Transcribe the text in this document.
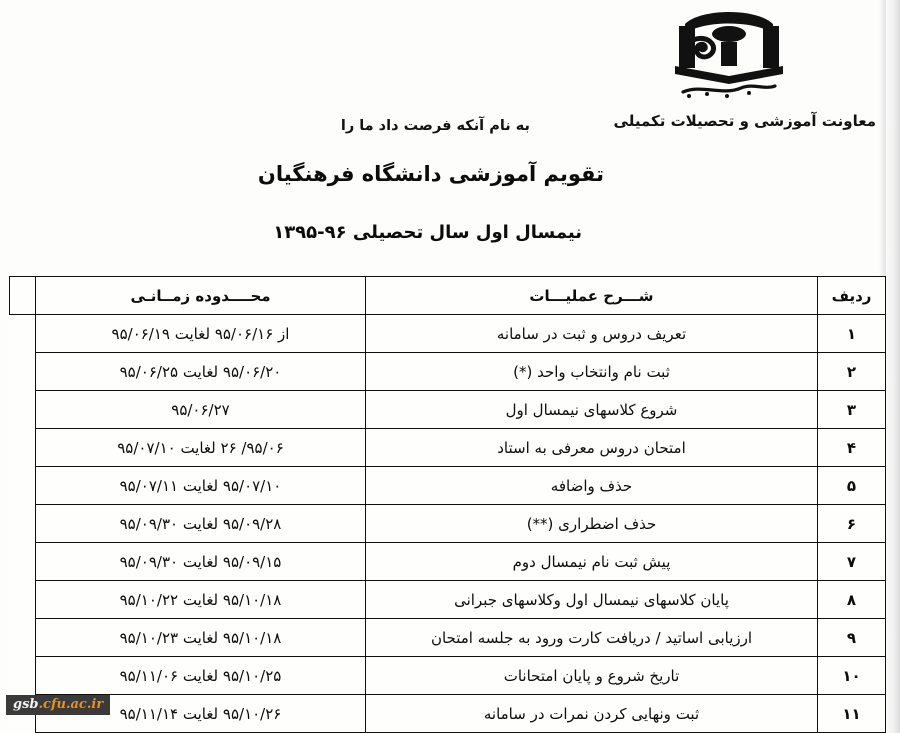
معاونت آموزشی و تحصیلات تکمیلی
به نام آنکه فرصت داد ما را
تقویم آموزشی دانشگاه فرهنگیان
نیمسال اول سال تحصیلی ۹۶-۱۳۹۵
ردیف	شـــرح عملیـــات	محــــدوده زمــانـی	
۱	تعریف دروس و ثبت در سامانه	از ۹۵/۰۶/۱۶ لغایت ۹۵/۰۶/۱۹	
۲	ثبت نام وانتخاب واحد (*)	۹۵/۰۶/۲۰ لغایت ۹۵/۰۶/۲۵	
۳	شروع کلاسهای نیمسال اول	۹۵/۰۶/۲۷	
۴	امتحان دروس معرفی به استاد	۹۵/۰۶/ ۲۶ لغایت ۹۵/۰۷/۱۰	
۵	حذف واضافه	۹۵/۰۷/۱۰ لغایت ۹۵/۰۷/۱۱	
۶	حذف اضطراری (**)	۹۵/۰۹/۲۸ لغایت ۹۵/۰۹/۳۰	
۷	پیش ثبت نام نیمسال دوم	۹۵/۰۹/۱۵ لغایت ۹۵/۰۹/۳۰	
۸	پایان کلاسهای نیمسال اول وکلاسهای جبرانی	۹۵/۱۰/۱۸ لغایت ۹۵/۱۰/۲۲	
۹	ارزیابی اساتید / دریافت کارت ورود به جلسه امتحان	۹۵/۱۰/۱۸ لغایت ۹۵/۱۰/۲۳	
۱۰	تاریخ شروع و پایان امتحانات	۹۵/۱۰/۲۵ لغایت ۹۵/۱۱/۰۶	
۱۱	ثبت ونهایی کردن نمرات در سامانه	۹۵/۱۰/۲۶ لغایت ۹۵/۱۱/۱۴	
gsb.cfu.ac.ir
